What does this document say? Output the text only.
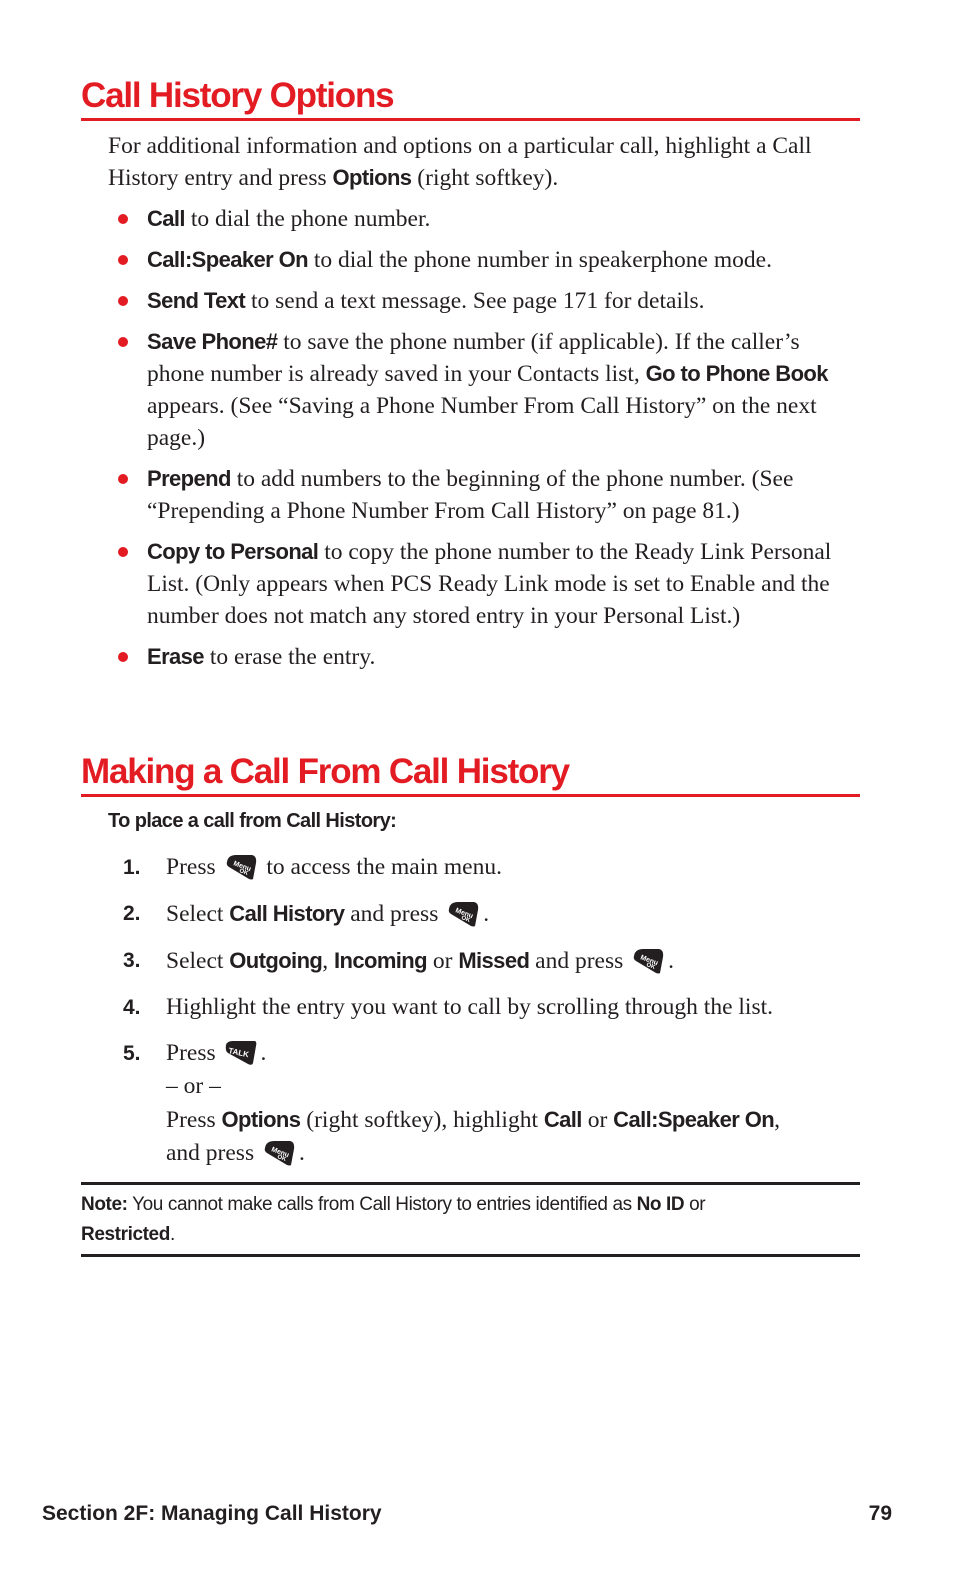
Call History Options

For additional information and options on a particular call, highlight a Call History entry and press Options (right softkey).

Call to dial the phone number.
Call:Speaker On to dial the phone number in speakerphone mode.
Send Text to send a text message. See page 171 for details.
Save Phone# to save the phone number (if applicable). If the caller’s phone number is already saved in your Contacts list, Go to Phone Book appears. (See “Saving a Phone Number From Call History” on the next page.)
Prepend to add numbers to the beginning of the phone number. (See “Prepending a Phone Number From Call History” on page 81.)
Copy to Personal to copy the phone number to the Ready Link Personal List. (Only appears when PCS Ready Link mode is set to Enable and the number does not match any stored entry in your Personal List.)
Erase to erase the entry.
Making a Call From Call History

To place a call from Call History:

1. Press  to access the main menu.
2. Select Call History and press .
3. Select Outgoing, Incoming or Missed and press .
4. Highlight the entry you want to call by scrolling through the list.
5. Press .
– or –
Press Options (right softkey), highlight Call or Call:Speaker On,
and press .
Note: You cannot make calls from Call History to entries identified as No ID or
Restricted.
Section 2F: Managing Call History	79
